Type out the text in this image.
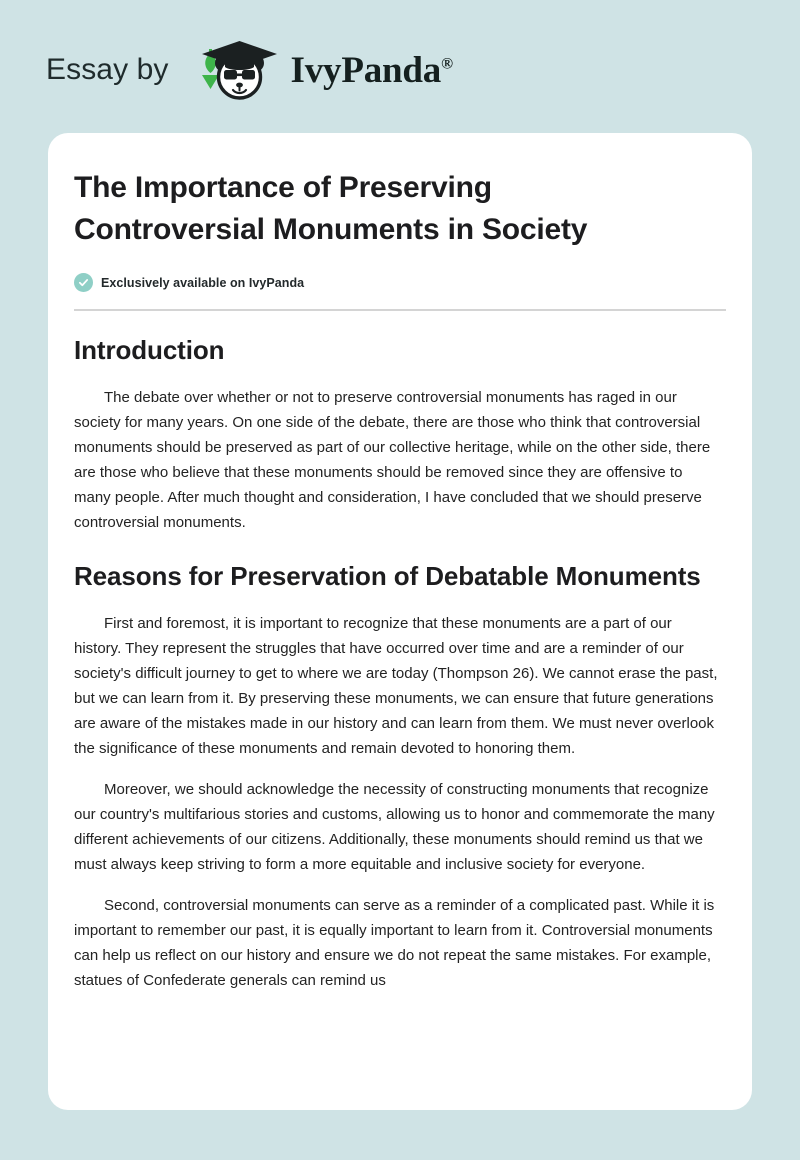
Essay by	IvyPanda®
The Importance of Preserving Controversial Monuments in Society
Exclusively available on IvyPanda
Introduction

The debate over whether or not to preserve controversial monuments has raged in our society for many years. On one side of the debate, there are those who think that controversial monuments should be preserved as part of our collective heritage, while on the other side, there are those who believe that these monuments should be removed since they are offensive to many people. After much thought and consideration, I have concluded that we should preserve controversial monuments.

Reasons for Preservation of Debatable Monuments

First and foremost, it is important to recognize that these monuments are a part of our history. They represent the struggles that have occurred over time and are a reminder of our society's difficult journey to get to where we are today (Thompson 26). We cannot erase the past, but we can learn from it. By preserving these monuments, we can ensure that future generations are aware of the mistakes made in our history and can learn from them. We must never overlook the significance of these monuments and remain devoted to honoring them.

Moreover, we should acknowledge the necessity of constructing monuments that recognize our country's multifarious stories and customs, allowing us to honor and commemorate the many different achievements of our citizens. Additionally, these monuments should remind us that we must always keep striving to form a more equitable and inclusive society for everyone.

Second, controversial monuments can serve as a reminder of a complicated past. While it is important to remember our past, it is equally important to learn from it. Controversial monuments can help us reflect on our history and ensure we do not repeat the same mistakes. For example, statues of Confederate generals can remind us
